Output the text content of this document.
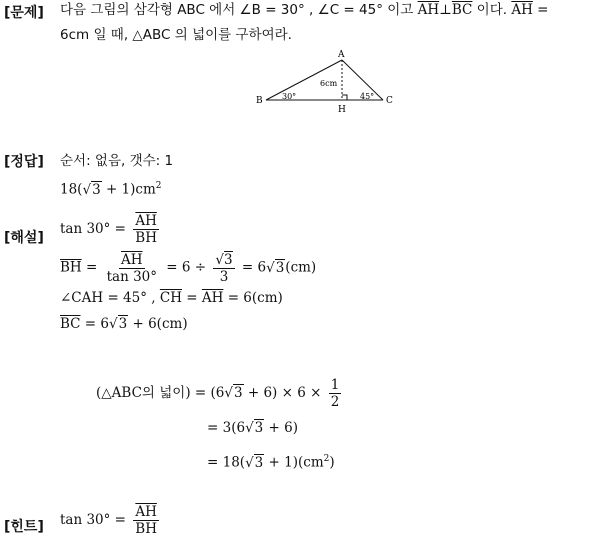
[문제] 다음 그림의 삼각형 ABC 에서 ∠B = 30° , ∠C = 45° 이고 $\overline{AH}\perp\overline{BC}$ 이다. $\overline{AH}$ =
6cm 일 때, △ABC 의 넓이를 구하여라.
A
B	C
H
30°	45°
6cm
[정답] 순서: 없음, 갯수: 1
$18(√3 + 1)cm^2$
[해설]
$\tan 30^\circ = \frac{\overline{AH}}{BH}$
$\overline{BH} = \frac{\overline{AH}}{\tan 30^\circ} = 6 \div \frac{√3}{3} = 6√3(cm)$
∠CAH = 45° , $\overline{CH} = \overline{AH} = 6(cm)$
$\overline{BC} = 6√3 + 6(cm)$
(△ABC의 넓이) = $(6√3 + 6) \times 6 \times \frac{1}{2}$
= 3(6√3 + 6)
= $18(√3 + 1)(cm^2)$
[힌트] $\tan 30^\circ = \frac{\overline{AH}}{BH}$
